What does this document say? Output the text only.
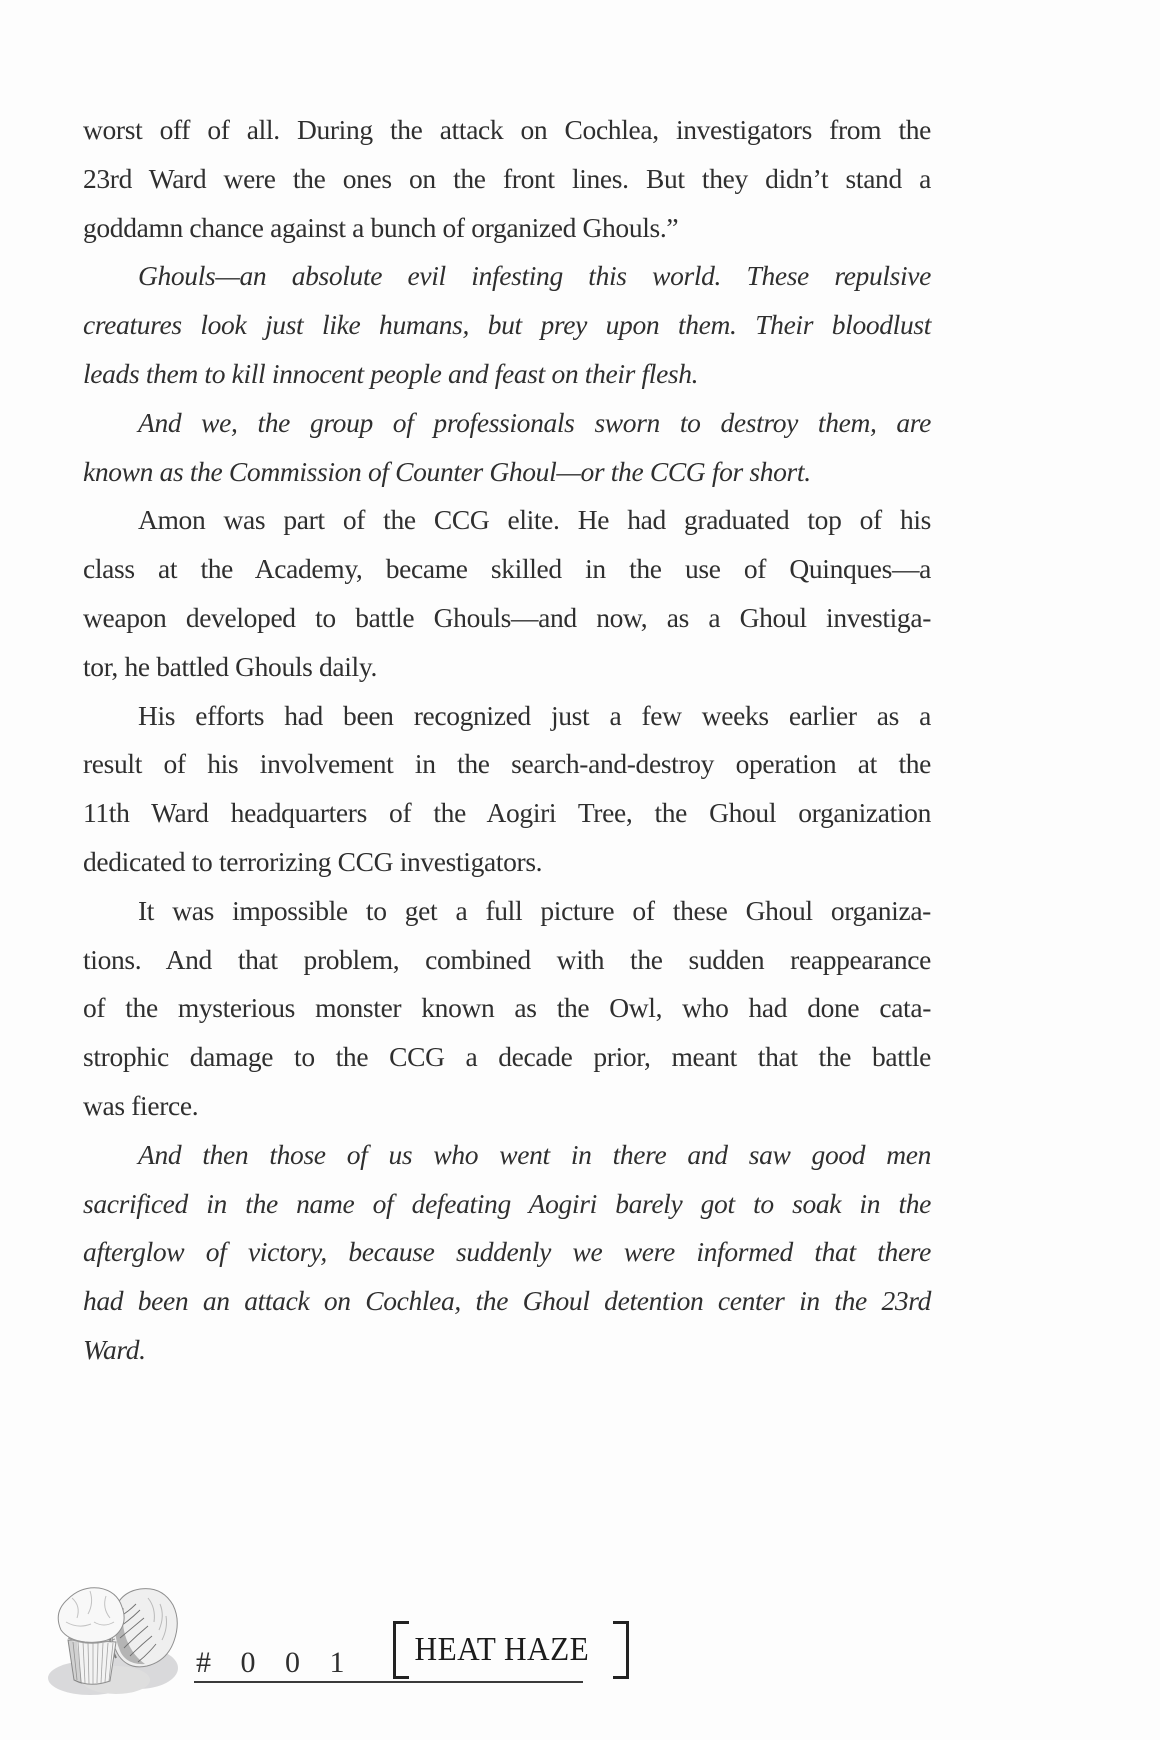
worst off of all. During the attack on Cochlea, investigators from the
23rd Ward were the ones on the front lines. But they didn’t stand a
goddamn chance against a bunch of organized Ghouls.”

Ghouls—an absolute evil infesting this world. These repulsive
creatures look just like humans, but prey upon them. Their bloodlust
leads them to kill innocent people and feast on their flesh.

And we, the group of professionals sworn to destroy them, are
known as the Commission of Counter Ghoul—or the CCG for short.

Amon was part of the CCG elite. He had graduated top of his
class at the Academy, became skilled in the use of Quinques—a
weapon developed to battle Ghouls—and now, as a Ghoul investiga-
tor, he battled Ghouls daily.

His efforts had been recognized just a few weeks earlier as a
result of his involvement in the search-and-destroy operation at the
11th Ward headquarters of the Aogiri Tree, the Ghoul organization
dedicated to terrorizing CCG investigators.

It was impossible to get a full picture of these Ghoul organiza-
tions. And that problem, combined with the sudden reappearance
of the mysterious monster known as the Owl, who had done cata-
strophic damage to the CCG a decade prior, meant that the battle
was fierce.

And then those of us who went in there and saw good men
sacrificed in the name of defeating Aogiri barely got to soak in the
afterglow of victory, because suddenly we were informed that there
had been an attack on Cochlea, the Ghoul detention center in the 23rd
Ward.

# 0 0 1 HEAT HAZE
